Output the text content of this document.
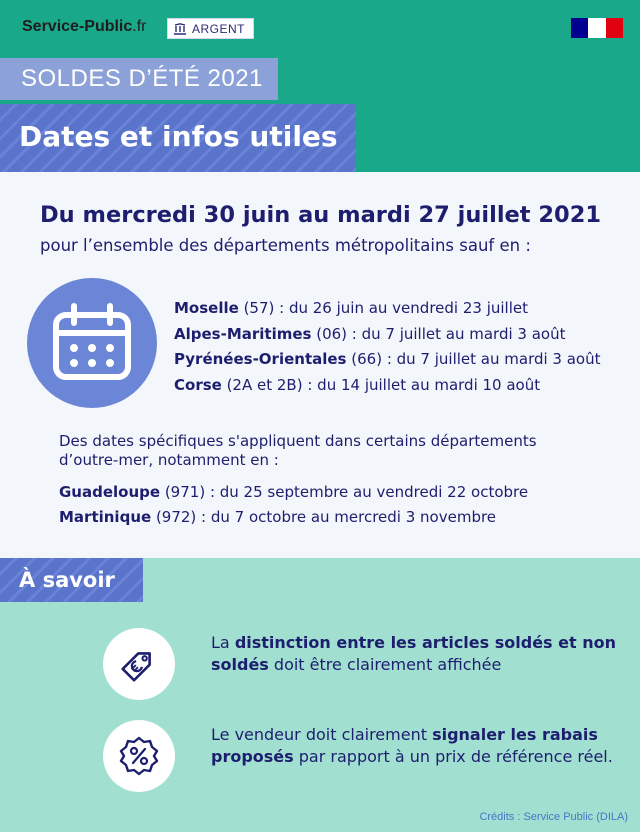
Service-Public.fr	ARGENT
SOLDES D’ÉTÉ 2021
Dates et infos utiles
Du mercredi 30 juin au mardi 27 juillet 2021
pour l’ensemble des départements métropolitains sauf en :
Moselle (57) : du 26 juin au vendredi 23 juillet
Alpes-Maritimes (06) : du 7 juillet au mardi 3 août
Pyrénées-Orientales (66) : du 7 juillet au mardi 3 août
Corse (2A et 2B) : du 14 juillet au mardi 10 août
Des dates spécifiques s'appliquent dans certains départements d’outre-mer, notamment en :
Guadeloupe (971) : du 25 septembre au vendredi 22 octobre
Martinique (972) : du 7 octobre au mercredi 3 novembre
À savoir
La distinction entre les articles soldés et non soldés doit être clairement affichée
Le vendeur doit clairement signaler les rabais proposés par rapport à un prix de référence réel.
Crédits : Service Public (DILA)
